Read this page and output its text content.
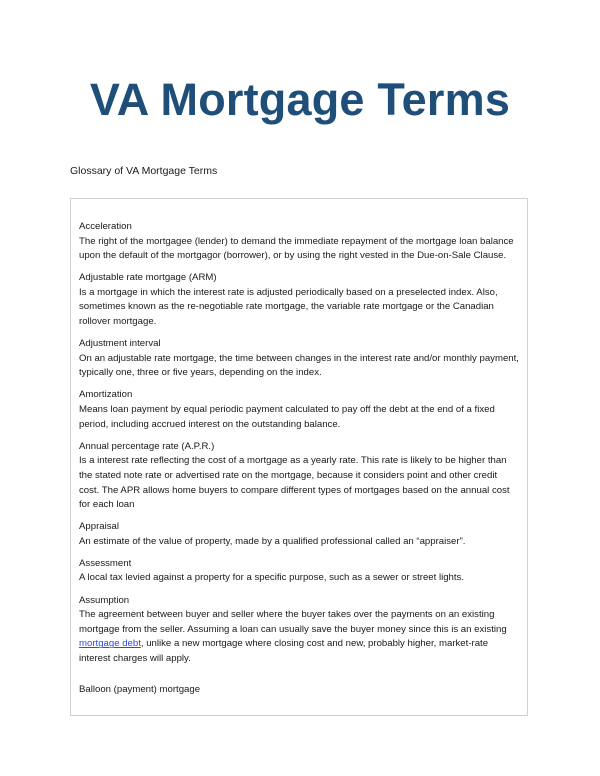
VA Mortgage Terms
Glossary of VA Mortgage Terms
Acceleration
The right of the mortgagee (lender) to demand the immediate repayment of the mortgage loan balance upon the default of the mortgagor (borrower), or by using the right vested in the Due-on-Sale Clause.
Adjustable rate mortgage (ARM)
Is a mortgage in which the interest rate is adjusted periodically based on a preselected index. Also, sometimes known as the re-negotiable rate mortgage, the variable rate mortgage or the Canadian rollover mortgage.
Adjustment interval
On an adjustable rate mortgage, the time between changes in the interest rate and/or monthly payment, typically one, three or five years, depending on the index.
Amortization
Means loan payment by equal periodic payment calculated to pay off the debt at the end of a fixed period, including accrued interest on the outstanding balance.
Annual percentage rate (A.P.R.)
Is a interest rate reflecting the cost of a mortgage as a yearly rate. This rate is likely to be higher than the stated note rate or advertised rate on the mortgage, because it considers point and other credit cost. The APR allows home buyers to compare different types of mortgages based on the annual cost for each loan
Appraisal
An estimate of the value of property, made by a qualified professional called an “appraiser”.
Assessment
A local tax levied against a property for a specific purpose, such as a sewer or street lights.
Assumption
The agreement between buyer and seller where the buyer takes over the payments on an existing mortgage from the seller. Assuming a loan can usually save the buyer money since this is an existing mortgage debt, unlike a new mortgage where closing cost and new, probably higher, market-rate interest charges will apply.
Balloon (payment) mortgage
